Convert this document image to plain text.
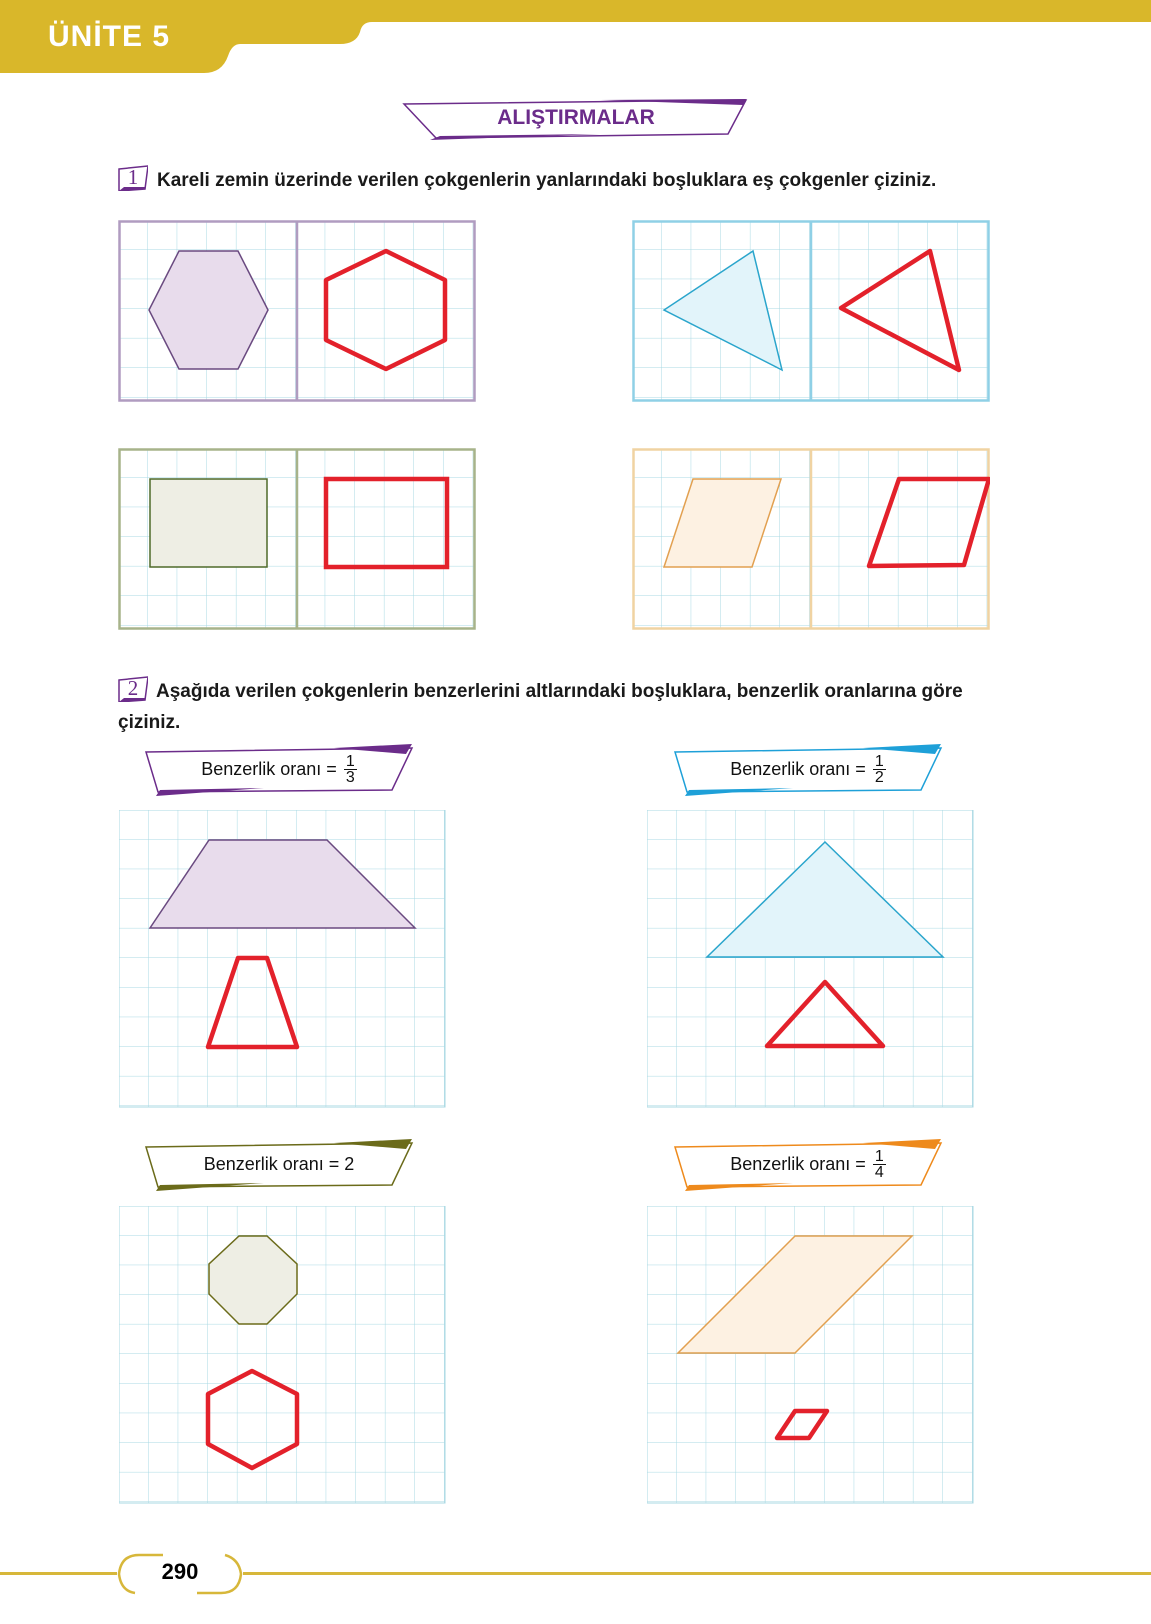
ÜNİTE 5
ALIŞTIRMALAR
1 Kareli zemin üzerinde verilen çokgenlerin yanlarındaki boşluklara eş çokgenler çiziniz.
2 Aşağıda verilen çokgenlerin benzerlerini altlarındaki boşluklara, benzerlik oranlarına göre
çiziniz.
Benzerlik oranı = $\frac{1}{3}$	Benzerlik oranı = $\frac{1}{2}$
Benzerlik oranı = 2	Benzerlik oranı = $\frac{1}{4}$
290
